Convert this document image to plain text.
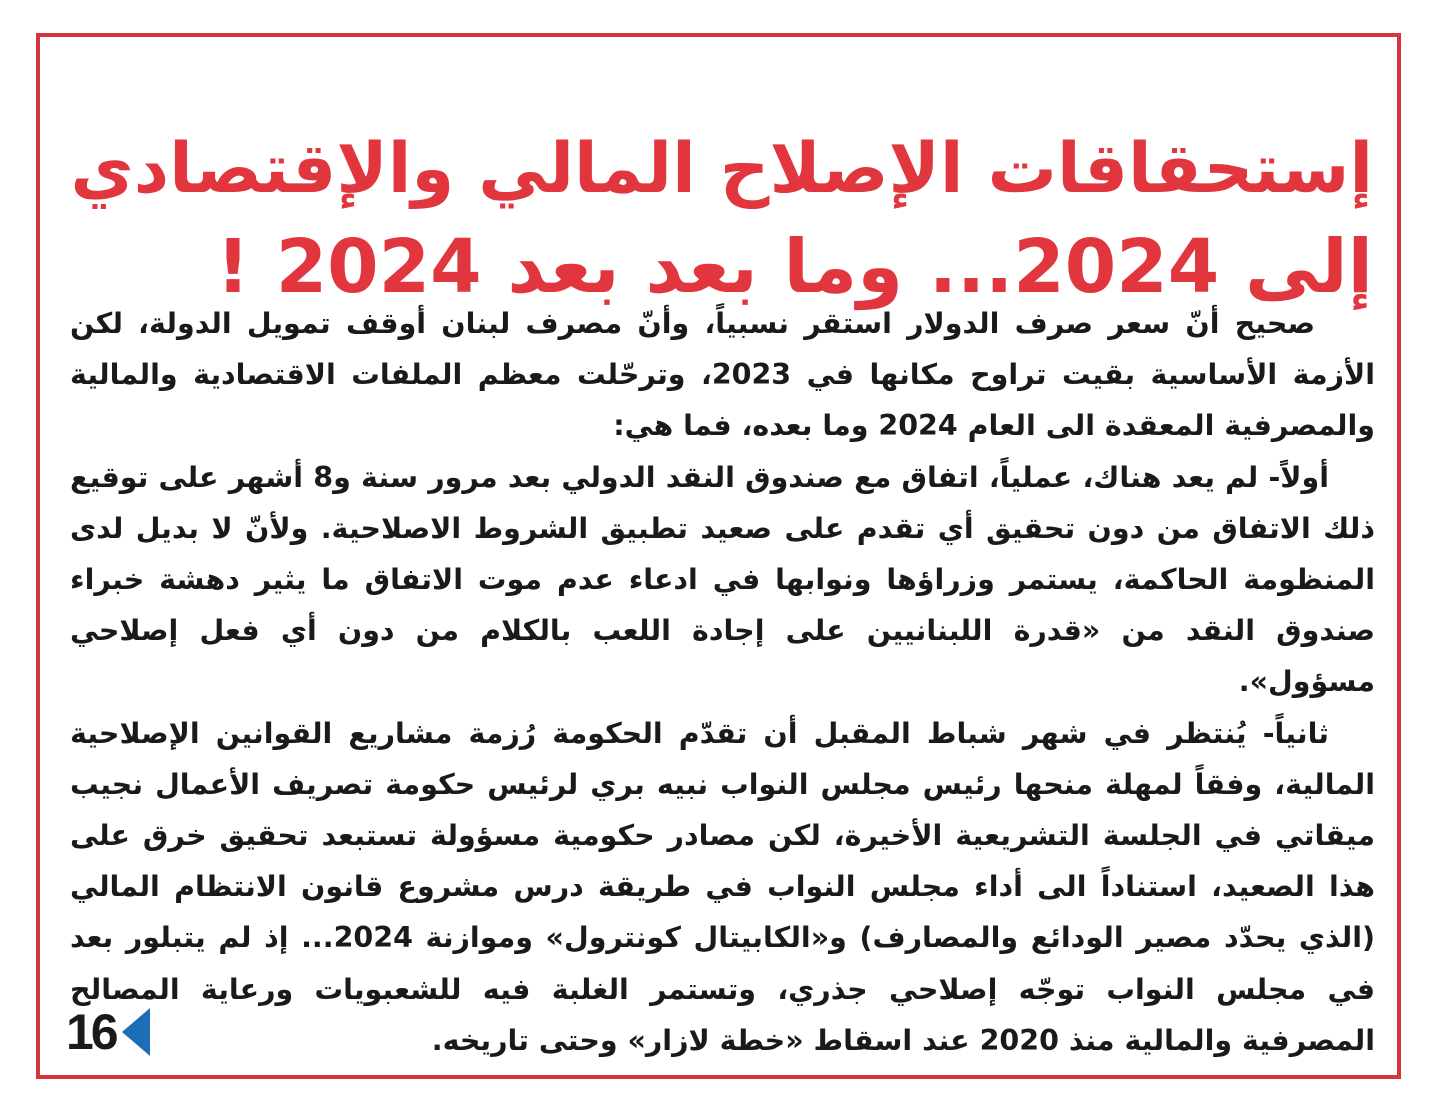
إستحقاقات الإصلاح المالي والإقتصادي
إلى 2024... وما بعد بعد 2024 !

صحيح أنّ سعر صرف الدولار استقر نسبياً، وأنّ مصرف لبنان أوقف تمويل الدولة، لكن الأزمة الأساسية بقيت تراوح مكانها في 2023، وترحّلت معظم الملفات الاقتصادية والمالية والمصرفية المعقدة الى العام 2024 وما بعده، فما هي:

أولاً- لم يعد هناك، عملياً، اتفاق مع صندوق النقد الدولي بعد مرور سنة و8 أشهر على توقيع ذلك الاتفاق من دون تحقيق أي تقدم على صعيد تطبيق الشروط الاصلاحية. ولأنّ لا بديل لدى المنظومة الحاكمة، يستمر وزراؤها ونوابها في ادعاء عدم موت الاتفاق ما يثير دهشة خبراء صندوق النقد من «قدرة اللبنانيين على إجادة اللعب بالكلام من دون أي فعل إصلاحي مسؤول».

ثانياً- يُنتظر في شهر شباط المقبل أن تقدّم الحكومة رُزمة مشاريع القوانين الإصلاحية المالية، وفقاً لمهلة منحها رئيس مجلس النواب نبيه بري لرئيس حكومة تصريف الأعمال نجيب ميقاتي في الجلسة التشريعية الأخيرة، لكن مصادر حكومية مسؤولة تستبعد تحقيق خرق على هذا الصعيد، استناداً الى أداء مجلس النواب في طريقة درس مشروع قانون الانتظام المالي (الذي يحدّد مصير الودائع والمصارف) و«الكابيتال كونترول» وموازنة 2024... إذ لم يتبلور بعد في مجلس النواب توجّه إصلاحي جذري، وتستمر الغلبة فيه للشعبويات ورعاية المصالح المصرفية والمالية منذ 2020 عند اسقاط «خطة لازار» وحتى تاريخه.

16
